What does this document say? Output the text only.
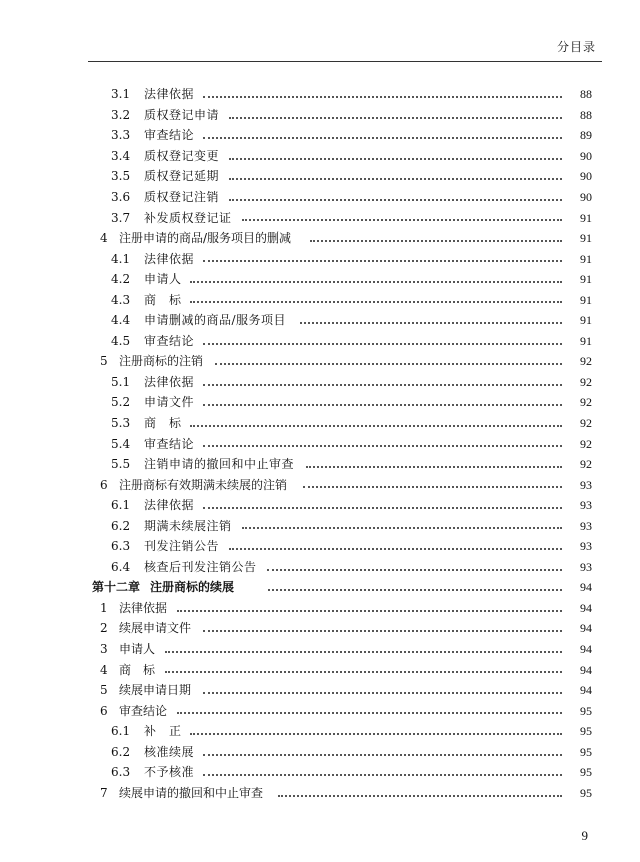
分目录
3.1 法律依据	88
3.2 质权登记申请	88
3.3 审查结论	89
3.4 质权登记变更	90
3.5 质权登记延期	90
3.6 质权登记注销	90
3.7 补发质权登记证	91
4 注册申请的商品/服务项目的删减	91
4.1 法律依据	91
4.2 申请人	91
4.3 商　标	91
4.4 申请删减的商品/服务项目	91
4.5 审查结论	91
5 注册商标的注销	92
5.1 法律依据	92
5.2 申请文件	92
5.3 商　标	92
5.4 审查结论	92
5.5 注销申请的撤回和中止审查	92
6 注册商标有效期满未续展的注销	93
6.1 法律依据	93
6.2 期满未续展注销	93
6.3 刊发注销公告	93
6.4 核查后刊发注销公告	93
第十二章 注册商标的续展	94
1 法律依据	94
2 续展申请文件	94
3 申请人	94
4 商　标	94
5 续展申请日期	94
6 审查结论	95
6.1 补　正	95
6.2 核准续展	95
6.3 不予核准	95
7 续展申请的撤回和中止审查	95
9
